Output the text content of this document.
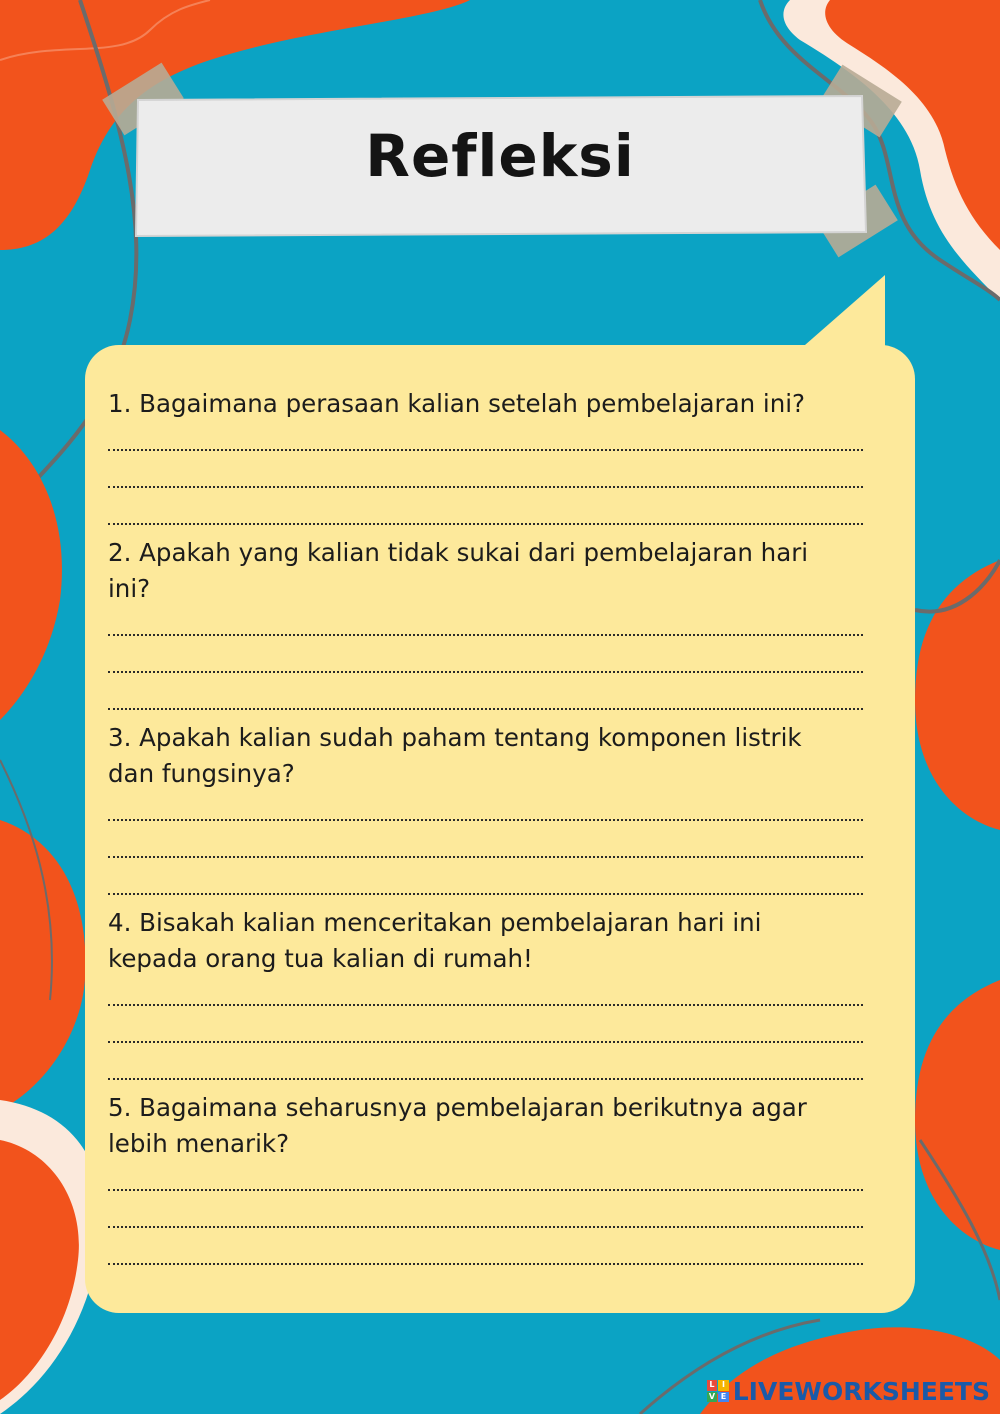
Refleksi

1. Bagaimana perasaan kalian setelah pembelajaran ini?

2. Apakah yang kalian tidak sukai dari pembelajaran hari

ini?

3. Apakah kalian sudah paham tentang komponen listrik

dan fungsinya?

4. Bisakah kalian menceritakan pembelajaran hari ini

kepada orang tua kalian di rumah!

5. Bagaimana seharusnya pembelajaran berikutnya agar

lebih menarik?

L I
V E LIVEWORKSHEETS
